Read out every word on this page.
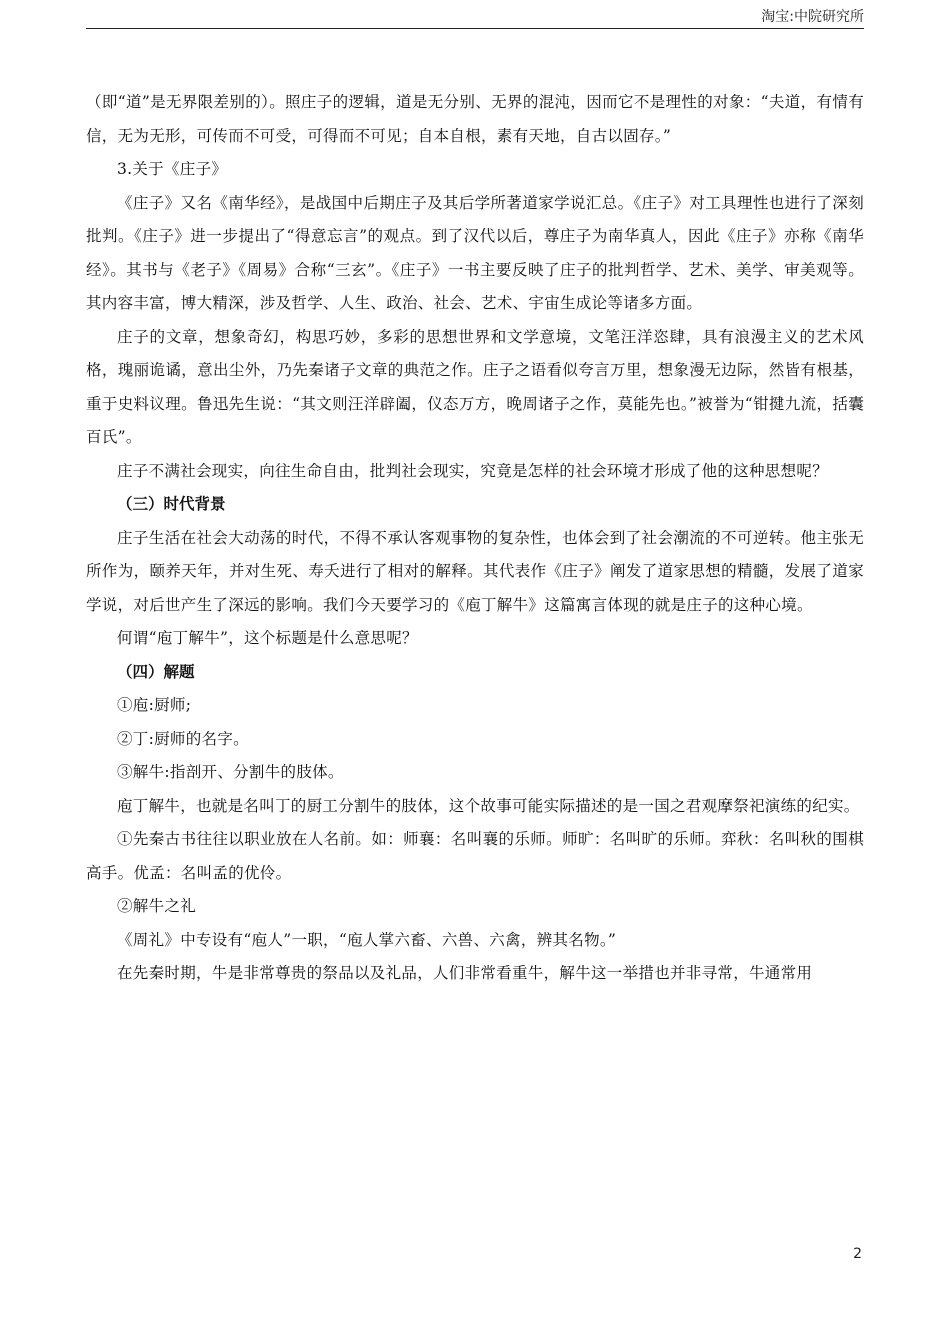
淘宝:中院研究所

（即“道”是无界限差别的）。照庄子的逻辑，道是无分别、无界的混沌，因而它不是理性的对象：“夫道，有情有信，无为无形，可传而不可受，可得而不可见；自本自根，素有天地，自古以固存。”

3.关于《庄子》

《庄子》又名《南华经》，是战国中后期庄子及其后学所著道家学说汇总。《庄子》对工具理性也进行了深刻批判。《庄子》进一步提出了“得意忘言”的观点。到了汉代以后，尊庄子为南华真人，因此《庄子》亦称《南华经》。其书与《老子》《周易》合称“三玄”。《庄子》一书主要反映了庄子的批判哲学、艺术、美学、审美观等。其内容丰富，博大精深，涉及哲学、人生、政治、社会、艺术、宇宙生成论等诸多方面。

庄子的文章，想象奇幻，构思巧妙，多彩的思想世界和文学意境，文笔汪洋恣肆，具有浪漫主义的艺术风格，瑰丽诡谲，意出尘外，乃先秦诸子文章的典范之作。庄子之语看似夸言万里，想象漫无边际，然皆有根基，重于史料议理。鲁迅先生说：“其文则汪洋辟阖，仪态万方，晚周诸子之作，莫能先也。”被誉为“钳揵九流，括囊百氏”。

庄子不满社会现实，向往生命自由，批判社会现实，究竟是怎样的社会环境才形成了他的这种思想呢？

（三）时代背景

庄子生活在社会大动荡的时代，不得不承认客观事物的复杂性，也体会到了社会潮流的不可逆转。他主张无所作为，颐养天年，并对生死、寿夭进行了相对的解释。其代表作《庄子》阐发了道家思想的精髓，发展了道家学说，对后世产生了深远的影响。我们今天要学习的《庖丁解牛》这篇寓言体现的就是庄子的这种心境。

何谓“庖丁解牛”，这个标题是什么意思呢？

（四）解题

①庖:厨师;

②丁:厨师的名字。

③解牛:指剖开、分割牛的肢体。

庖丁解牛，也就是名叫丁的厨工分割牛的肢体，这个故事可能实际描述的是一国之君观摩祭祀演练的纪实。

①先秦古书往往以职业放在人名前。如：师襄：名叫襄的乐师。师旷：名叫旷的乐师。弈秋：名叫秋的围棋高手。优孟：名叫孟的优伶。

②解牛之礼

《周礼》中专设有“庖人”一职，“庖人掌六畜、六兽、六禽，辨其名物。”

在先秦时期，牛是非常尊贵的祭品以及礼品，人们非常看重牛，解牛这一举措也并非寻常，牛通常用

2
